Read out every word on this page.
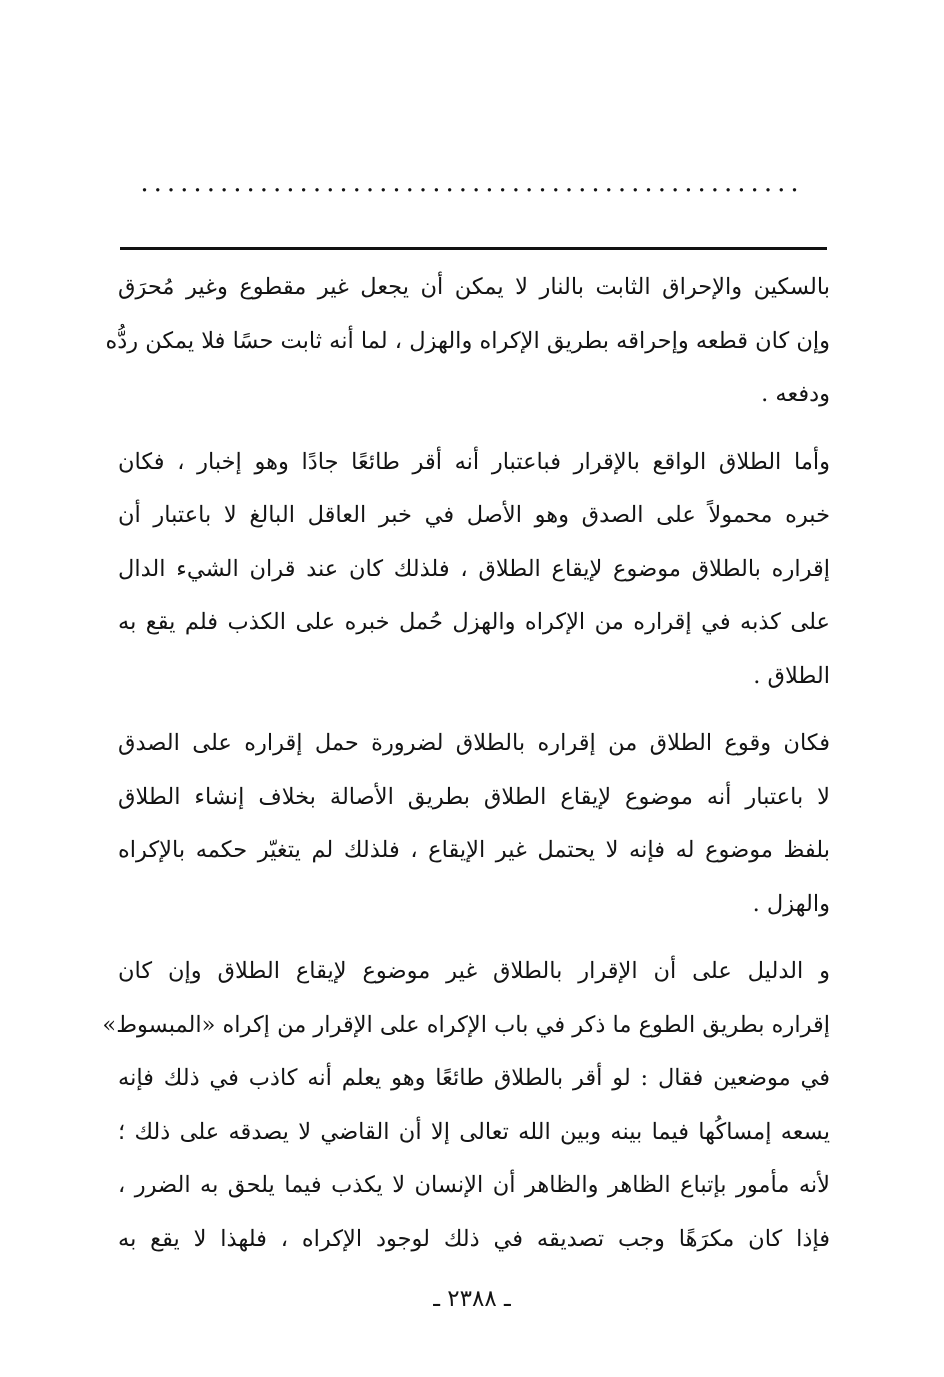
..................................................

بالسكين والإحراق الثابت بالنار لا يمكن أن يجعل غير مقطوع وغير مُحرَق
وإن كان قطعه وإحراقه بطريق الإكراه والهزل ، لما أنه ثابت حسًا فلا يمكن ردُّه
ودفعه .

وأما الطلاق الواقع بالإقرار فباعتبار أنه أقر طائعًا جادًا وهو إخبار ، فكان
خبره محمولاً على الصدق وهو الأصل في خبر العاقل البالغ لا باعتبار أن
إقراره بالطلاق موضوع لإيقاع الطلاق ، فلذلك كان عند قران الشيء الدال
على كذبه في إقراره من الإكراه والهزل حُمل خبره على الكذب فلم يقع به
الطلاق .

فكان وقوع الطلاق من إقراره بالطلاق لضرورة حمل إقراره على الصدق
لا باعتبار أنه موضوع لإيقاع الطلاق بطريق الأصالة بخلاف إنشاء الطلاق
بلفظ موضوع له فإنه لا يحتمل غير الإيقاع ، فلذلك لم يتغيّر حكمه بالإكراه
والهزل .

و الدليل على أن الإقرار بالطلاق غير موضوع لإيقاع الطلاق وإن كان
إقراره بطريق الطوع ما ذكر في باب الإكراه على الإقرار من إكراه «المبسوط»
في موضعين فقال : لو أقر بالطلاق طائعًا وهو يعلم أنه كاذب في ذلك فإنه
يسعه إمساكُها فيما بينه وبين الله تعالى إلا أن القاضي لا يصدقه على ذلك ؛
لأنه مأمور بإتباع الظاهر والظاهر أن الإنسان لا يكذب فيما يلحق به الضرر ،
فإذا كان مكرَهًا وجب تصديقه في ذلك لوجود الإكراه ، فلهذا لا يقع به

ـ ٢٣٨٨ ـ
